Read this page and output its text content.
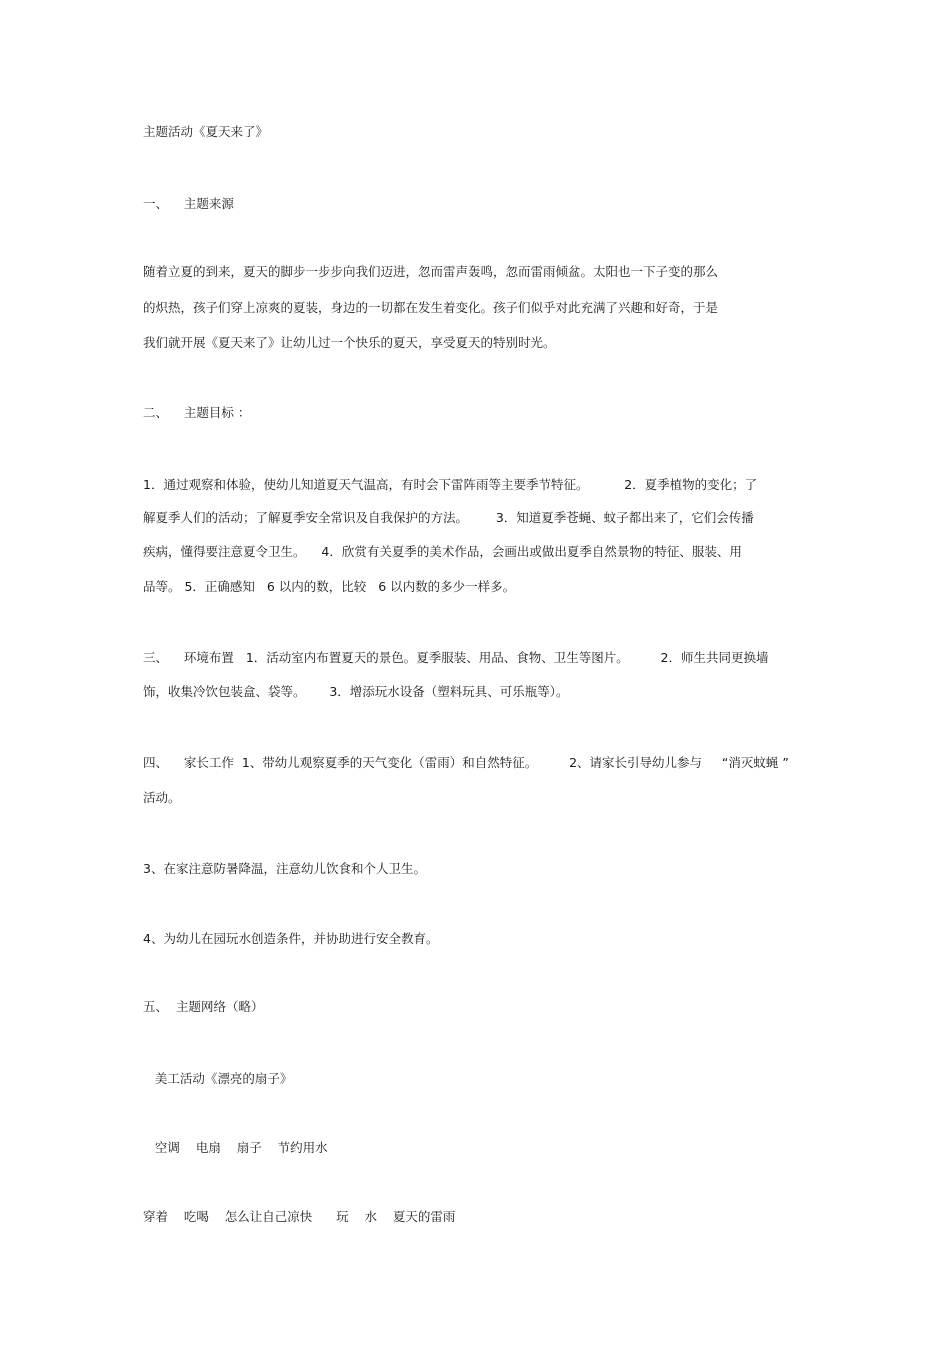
主题活动《夏天来了》
一、    主题来源
随着立夏的到来，夏天的脚步一步步向我们迈进，忽而雷声轰鸣，忽而雷雨倾盆。太阳也一下子变的那么
的炽热，孩子们穿上凉爽的夏装，身边的一切都在发生着变化。孩子们似乎对此充满了兴趣和好奇，于是
我们就开展《夏天来了》让幼儿过一个快乐的夏天，享受夏天的特别时光。
二、    主题目标 ：
1．通过观察和体验，使幼儿知道夏天气温高，有时会下雷阵雨等主要季节特征。         2．夏季植物的变化；了
解夏季人们的活动；了解夏季安全常识及自我保护的方法。       3．知道夏季苍蝇、蚊子都出来了，它们会传播
疾病，懂得要注意夏令卫生。    4．欣赏有关夏季的美术作品，会画出或做出夏季自然景物的特征、服装、用
品等。 5．正确感知   6 以内的数，比较   6 以内数的多少一样多。
三、    环境布置   1．活动室内布置夏天的景色。夏季服装、用品、食物、卫生等图片。        2．师生共同更换墙
饰，收集冷饮包装盒、袋等。      3．增添玩水设备（塑料玩具、可乐瓶等）。
四、    家长工作  1、带幼儿观察夏季的天气变化（雷雨）和自然特征。        2、请家长引导幼儿参与     “消灭蚊蝇 ”
活动。
3、在家注意防暑降温，注意幼儿饮食和个人卫生。
4、为幼儿在园玩水创造条件，并协助进行安全教育。
五、  主题网络（略）
美工活动《漂亮的扇子》
空调    电扇    扇子    节约用水
穿着    吃喝    怎么让自己凉快      玩    水    夏天的雷雨
